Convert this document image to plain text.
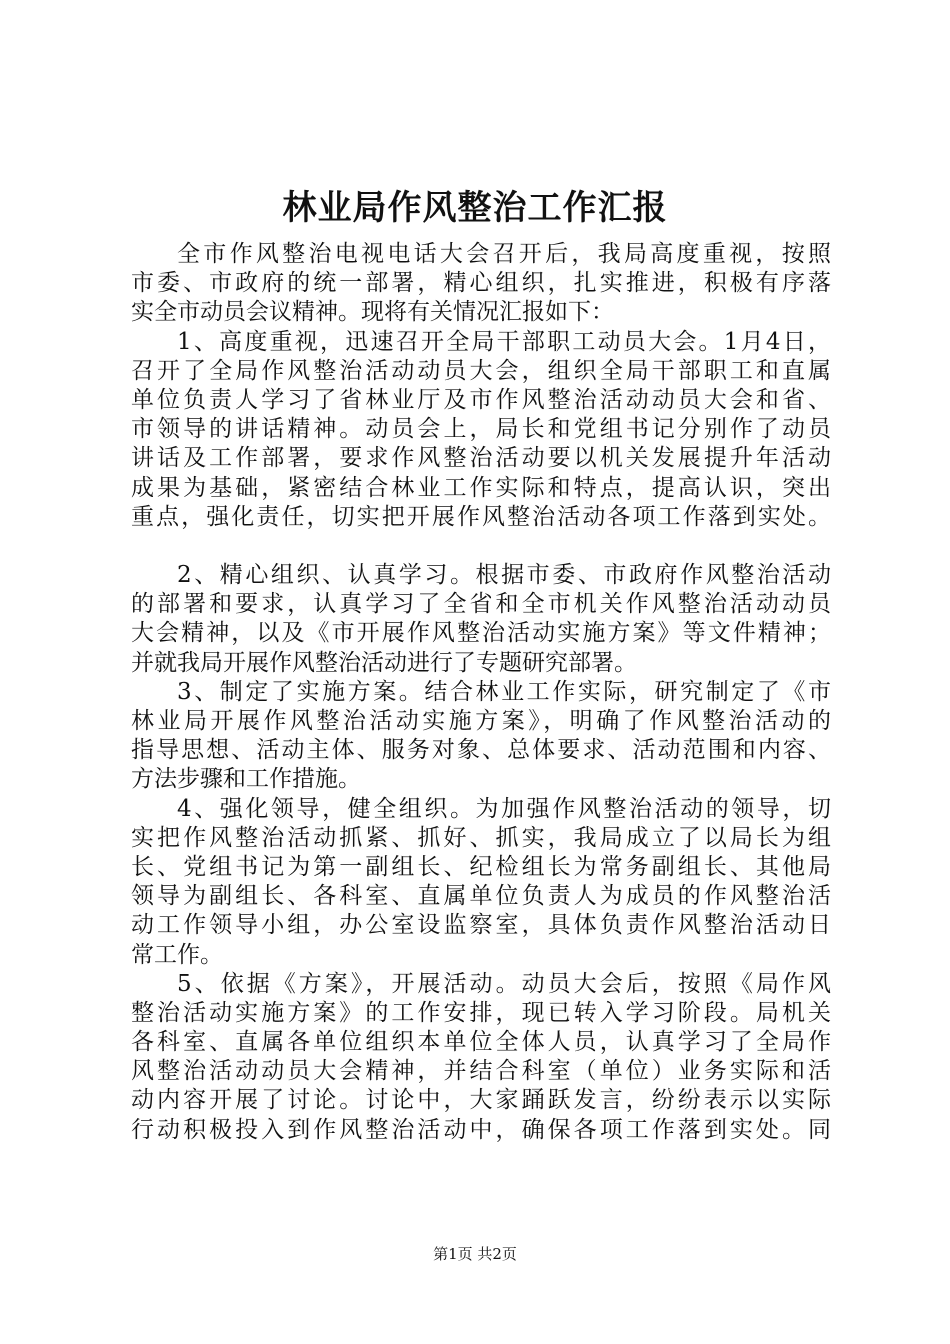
林业局作风整治工作汇报
全市作风整治电视电话大会召开后，我局高度重视，按照
市委、市政府的统一部署，精心组织，扎实推进，积极有序落
实全市动员会议精神。现将有关情况汇报如下：
1、高度重视，迅速召开全局干部职工动员大会。1月4日，
召开了全局作风整治活动动员大会，组织全局干部职工和直属
单位负责人学习了省林业厅及市作风整治活动动员大会和省、
市领导的讲话精神。动员会上，局长和党组书记分别作了动员
讲话及工作部署，要求作风整治活动要以机关发展提升年活动
成果为基础，紧密结合林业工作实际和特点，提高认识，突出
重点，强化责任，切实把开展作风整治活动各项工作落到实处。
2、精心组织、认真学习。根据市委、市政府作风整治活动
的部署和要求，认真学习了全省和全市机关作风整治活动动员
大会精神，以及《市开展作风整治活动实施方案》等文件精神；
并就我局开展作风整治活动进行了专题研究部署。
3、制定了实施方案。结合林业工作实际，研究制定了《市
林业局开展作风整治活动实施方案》，明确了作风整治活动的
指导思想、活动主体、服务对象、总体要求、活动范围和内容、
方法步骤和工作措施。
4、强化领导，健全组织。为加强作风整治活动的领导，切
实把作风整治活动抓紧、抓好、抓实，我局成立了以局长为组
长、党组书记为第一副组长、纪检组长为常务副组长、其他局
领导为副组长、各科室、直属单位负责人为成员的作风整治活
动工作领导小组，办公室设监察室，具体负责作风整治活动日
常工作。
5、依据《方案》，开展活动。动员大会后，按照《局作风
整治活动实施方案》的工作安排，现已转入学习阶段。局机关
各科室、直属各单位组织本单位全体人员，认真学习了全局作
风整治活动动员大会精神，并结合科室（单位）业务实际和活
动内容开展了讨论。讨论中，大家踊跃发言，纷纷表示以实际
行动积极投入到作风整治活动中，确保各项工作落到实处。同
第1页 共2页
